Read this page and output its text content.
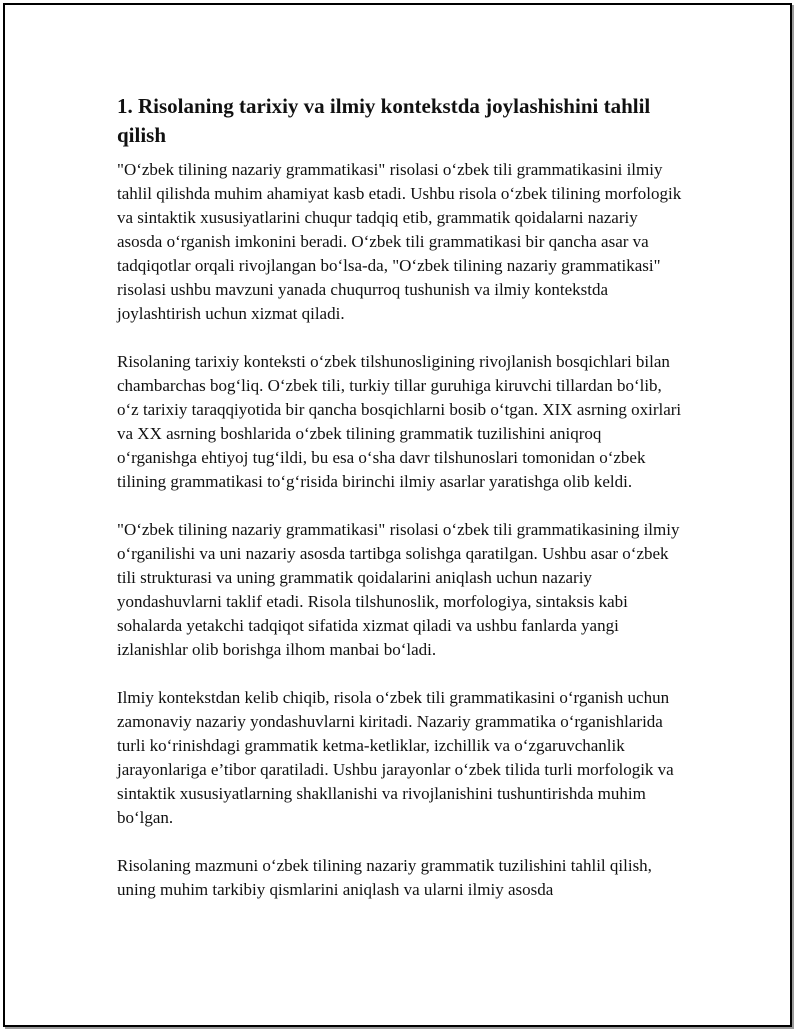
1. Risolaning tarixiy va ilmiy kontekstda joylashishini tahlil qilish

"O‘zbek tilining nazariy grammatikasi" risolasi o‘zbek tili grammatikasini ilmiy tahlil qilishda muhim ahamiyat kasb etadi. Ushbu risola o‘zbek tilining morfologik va sintaktik xususiyatlarini chuqur tadqiq etib, grammatik qoidalarni nazariy asosda o‘rganish imkonini beradi. O‘zbek tili grammatikasi bir qancha asar va tadqiqotlar orqali rivojlangan bo‘lsa-da, "O‘zbek tilining nazariy grammatikasi" risolasi ushbu mavzuni yanada chuqurroq tushunish va ilmiy kontekstda joylashtirish uchun xizmat qiladi.

Risolaning tarixiy konteksti o‘zbek tilshunosligining rivojlanish bosqichlari bilan chambarchas bog‘liq. O‘zbek tili, turkiy tillar guruhiga kiruvchi tillardan bo‘lib, o‘z tarixiy taraqqiyotida bir qancha bosqichlarni bosib o‘tgan. XIX asrning oxirlari va XX asrning boshlarida o‘zbek tilining grammatik tuzilishini aniqroq o‘rganishga ehtiyoj tug‘ildi, bu esa o‘sha davr tilshunoslari tomonidan o‘zbek tilining grammatikasi to‘g‘risida birinchi ilmiy asarlar yaratishga olib keldi.

"O‘zbek tilining nazariy grammatikasi" risolasi o‘zbek tili grammatikasining ilmiy o‘rganilishi va uni nazariy asosda tartibga solishga qaratilgan. Ushbu asar o‘zbek tili strukturasi va uning grammatik qoidalarini aniqlash uchun nazariy yondashuvlarni taklif etadi. Risola tilshunoslik, morfologiya, sintaksis kabi sohalarda yetakchi tadqiqot sifatida xizmat qiladi va ushbu fanlarda yangi izlanishlar olib borishga ilhom manbai bo‘ladi.

Ilmiy kontekstdan kelib chiqib, risola o‘zbek tili grammatikasini o‘rganish uchun zamonaviy nazariy yondashuvlarni kiritadi. Nazariy grammatika o‘rganishlarida turli ko‘rinishdagi grammatik ketma-ketliklar, izchillik va o‘zgaruvchanlik jarayonlariga e’tibor qaratiladi. Ushbu jarayonlar o‘zbek tilida turli morfologik va sintaktik xususiyatlarning shakllanishi va rivojlanishini tushuntirishda muhim bo‘lgan.

Risolaning mazmuni o‘zbek tilining nazariy grammatik tuzilishini tahlil qilish, uning muhim tarkibiy qismlarini aniqlash va ularni ilmiy asosda
